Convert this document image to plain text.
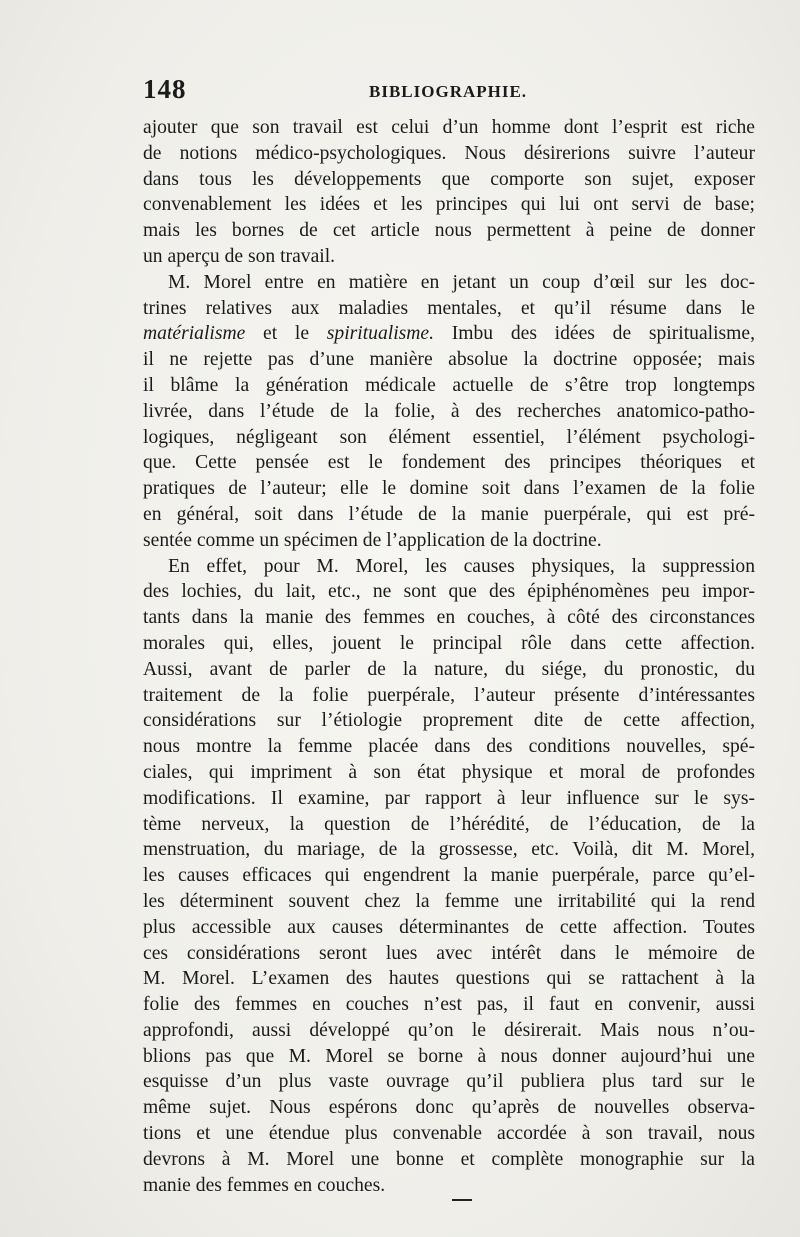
148	BIBLIOGRAPHIE.
ajouter que son travail est celui d’un homme dont l’esprit est riche
de notions médico-psychologiques. Nous désirerions suivre l’auteur
dans tous les développements que comporte son sujet, exposer
convenablement les idées et les principes qui lui ont servi de base;
mais les bornes de cet article nous permettent à peine de donner
un aperçu de son travail.
M. Morel entre en matière en jetant un coup d’œil sur les doc-
trines relatives aux maladies mentales, et qu’il résume dans le
matérialisme et le spiritualisme. Imbu des idées de spiritualisme,
il ne rejette pas d’une manière absolue la doctrine opposée; mais
il blâme la génération médicale actuelle de s’être trop longtemps
livrée, dans l’étude de la folie, à des recherches anatomico-patho-
logiques, négligeant son élément essentiel, l’élément psychologi-
que. Cette pensée est le fondement des principes théoriques et
pratiques de l’auteur; elle le domine soit dans l’examen de la folie
en général, soit dans l’étude de la manie puerpérale, qui est pré-
sentée comme un spécimen de l’application de la doctrine.
En effet, pour M. Morel, les causes physiques, la suppression
des lochies, du lait, etc., ne sont que des épiphénomènes peu impor-
tants dans la manie des femmes en couches, à côté des circonstances
morales qui, elles, jouent le principal rôle dans cette affection.
Aussi, avant de parler de la nature, du siége, du pronostic, du
traitement de la folie puerpérale, l’auteur présente d’intéressantes
considérations sur l’étiologie proprement dite de cette affection,
nous montre la femme placée dans des conditions nouvelles, spé-
ciales, qui impriment à son état physique et moral de profondes
modifications. Il examine, par rapport à leur influence sur le sys-
tème nerveux, la question de l’hérédité, de l’éducation, de la
menstruation, du mariage, de la grossesse, etc. Voilà, dit M. Morel,
les causes efficaces qui engendrent la manie puerpérale, parce qu’el-
les déterminent souvent chez la femme une irritabilité qui la rend
plus accessible aux causes déterminantes de cette affection. Toutes
ces considérations seront lues avec intérêt dans le mémoire de
M. Morel. L’examen des hautes questions qui se rattachent à la
folie des femmes en couches n’est pas, il faut en convenir, aussi
approfondi, aussi développé qu’on le désirerait. Mais nous n’ou-
blions pas que M. Morel se borne à nous donner aujourd’hui une
esquisse d’un plus vaste ouvrage qu’il publiera plus tard sur le
même sujet. Nous espérons donc qu’après de nouvelles observa-
tions et une étendue plus convenable accordée à son travail, nous
devrons à M. Morel une bonne et complète monographie sur la
manie des femmes en couches.
